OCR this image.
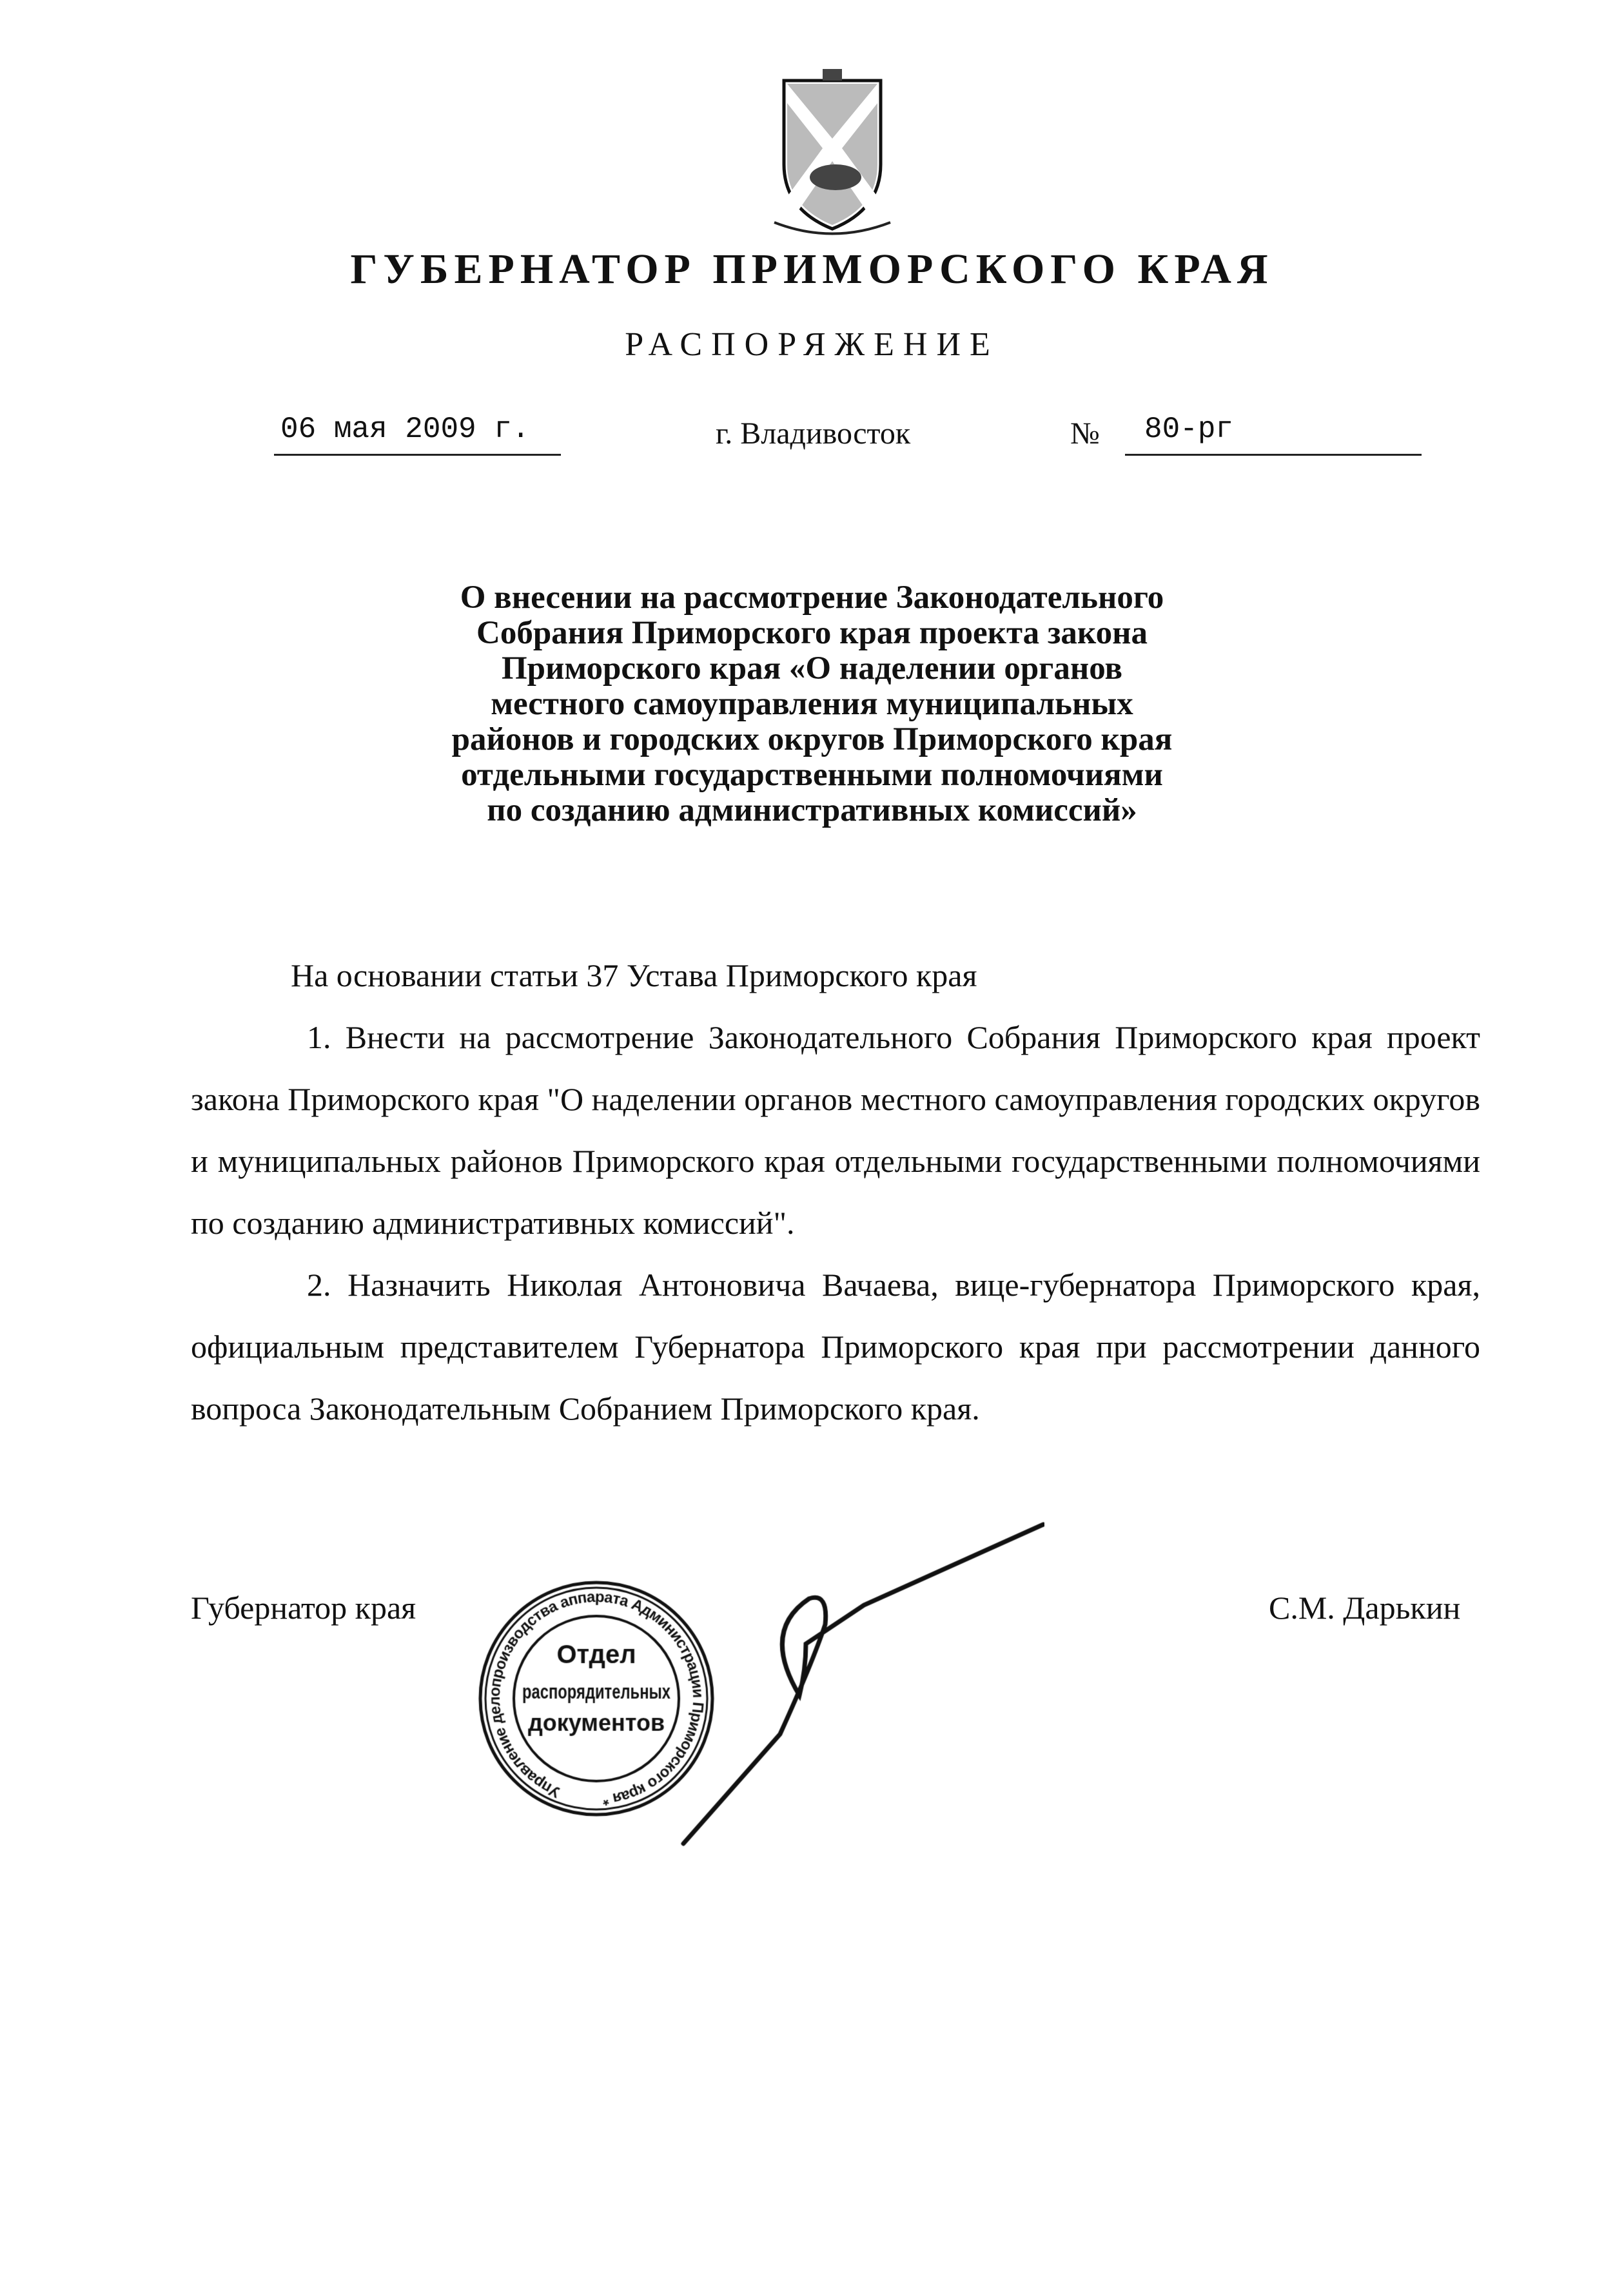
ГУБЕРНАТОР ПРИМОРСКОГО КРАЯ
РАСПОРЯЖЕНИЕ
06 мая 2009 г.	г. Владивосток	№	80-рг
О внесении на рассмотрение Законодательного
Собрания Приморского края проекта закона
Приморского края «О наделении органов
местного самоуправления муниципальных
районов и городских округов Приморского края
отдельными государственными полномочиями
по созданию административных комиссий»

На основании статьи 37 Устава Приморского края

1. Внести на рассмотрение Законодательного Собрания Приморского края проект закона Приморского края "О наделении органов местного самоуправления городских округов и муниципальных районов Приморского края отдельными государственными полномочиями по созданию административных комиссий".

2. Назначить Николая Антоновича Вачаева, вице-губернатора Приморского края, официальным представителем Губернатора Приморского края при рассмотрении данного вопроса Законодательным Собранием Приморского края.

Губернатор края	С.М. Дарькин
